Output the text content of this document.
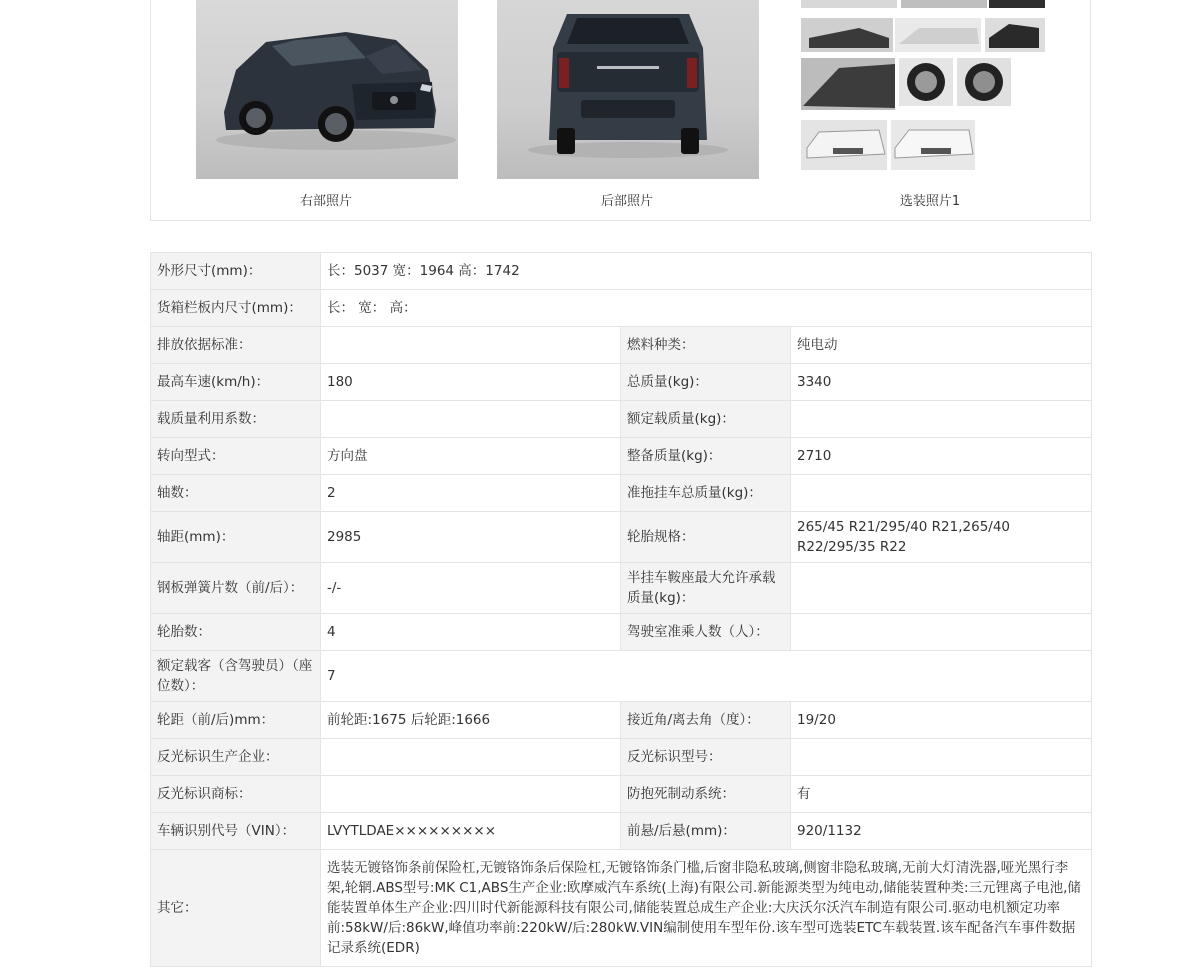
右部照片	后部照片	选装照片1
外形尺寸(mm)：	长：5037 宽：1964 高：1742		
货箱栏板内尺寸(mm)：	长： 宽： 高：		
排放依据标准：		燃料种类：	纯电动
最高车速(km/h)：	180	总质量(kg)：	3340
载质量利用系数：		额定载质量(kg)：	
转向型式：	方向盘	整备质量(kg)：	2710
轴数：	2	准拖挂车总质量(kg)：	
轴距(mm)：	2985	轮胎规格：	265/45 R21/295/40 R21,265/40 R22/295/35 R22
钢板弹簧片数（前/后）：	-/-	半挂车鞍座最大允许承载质量(kg)：	
轮胎数：	4	驾驶室准乘人数（人）：	
额定载客（含驾驶员）（座位数）：	7		
轮距（前/后)mm：	前轮距:1675 后轮距:1666	接近角/离去角（度）：	19/20
反光标识生产企业：		反光标识型号：	
反光标识商标：		防抱死制动系统：	有
车辆识别代号（VIN）：	LVYTLDAE×××××××××	前悬/后悬(mm)：	920/1132
其它：	选装无镀铬饰条前保险杠,无镀铬饰条后保险杠,无镀铬饰条门槛,后窗非隐私玻璃,侧窗非隐私玻璃,无前大灯清洗器,哑光黑行李架,轮辋.ABS型号:MK C1,ABS生产企业:欧摩威汽车系统(上海)有限公司.新能源类型为纯电动,储能装置种类:三元锂离子电池,储能装置单体生产企业:四川时代新能源科技有限公司,储能装置总成生产企业:大庆沃尔沃汽车制造有限公司.驱动电机额定功率前:58kW/后:86kW,峰值功率前:220kW/后:280kW.VIN编制使用车型年份.该车型可选装ETC车载装置.该车配备汽车事件数据记录系统(EDR)		
